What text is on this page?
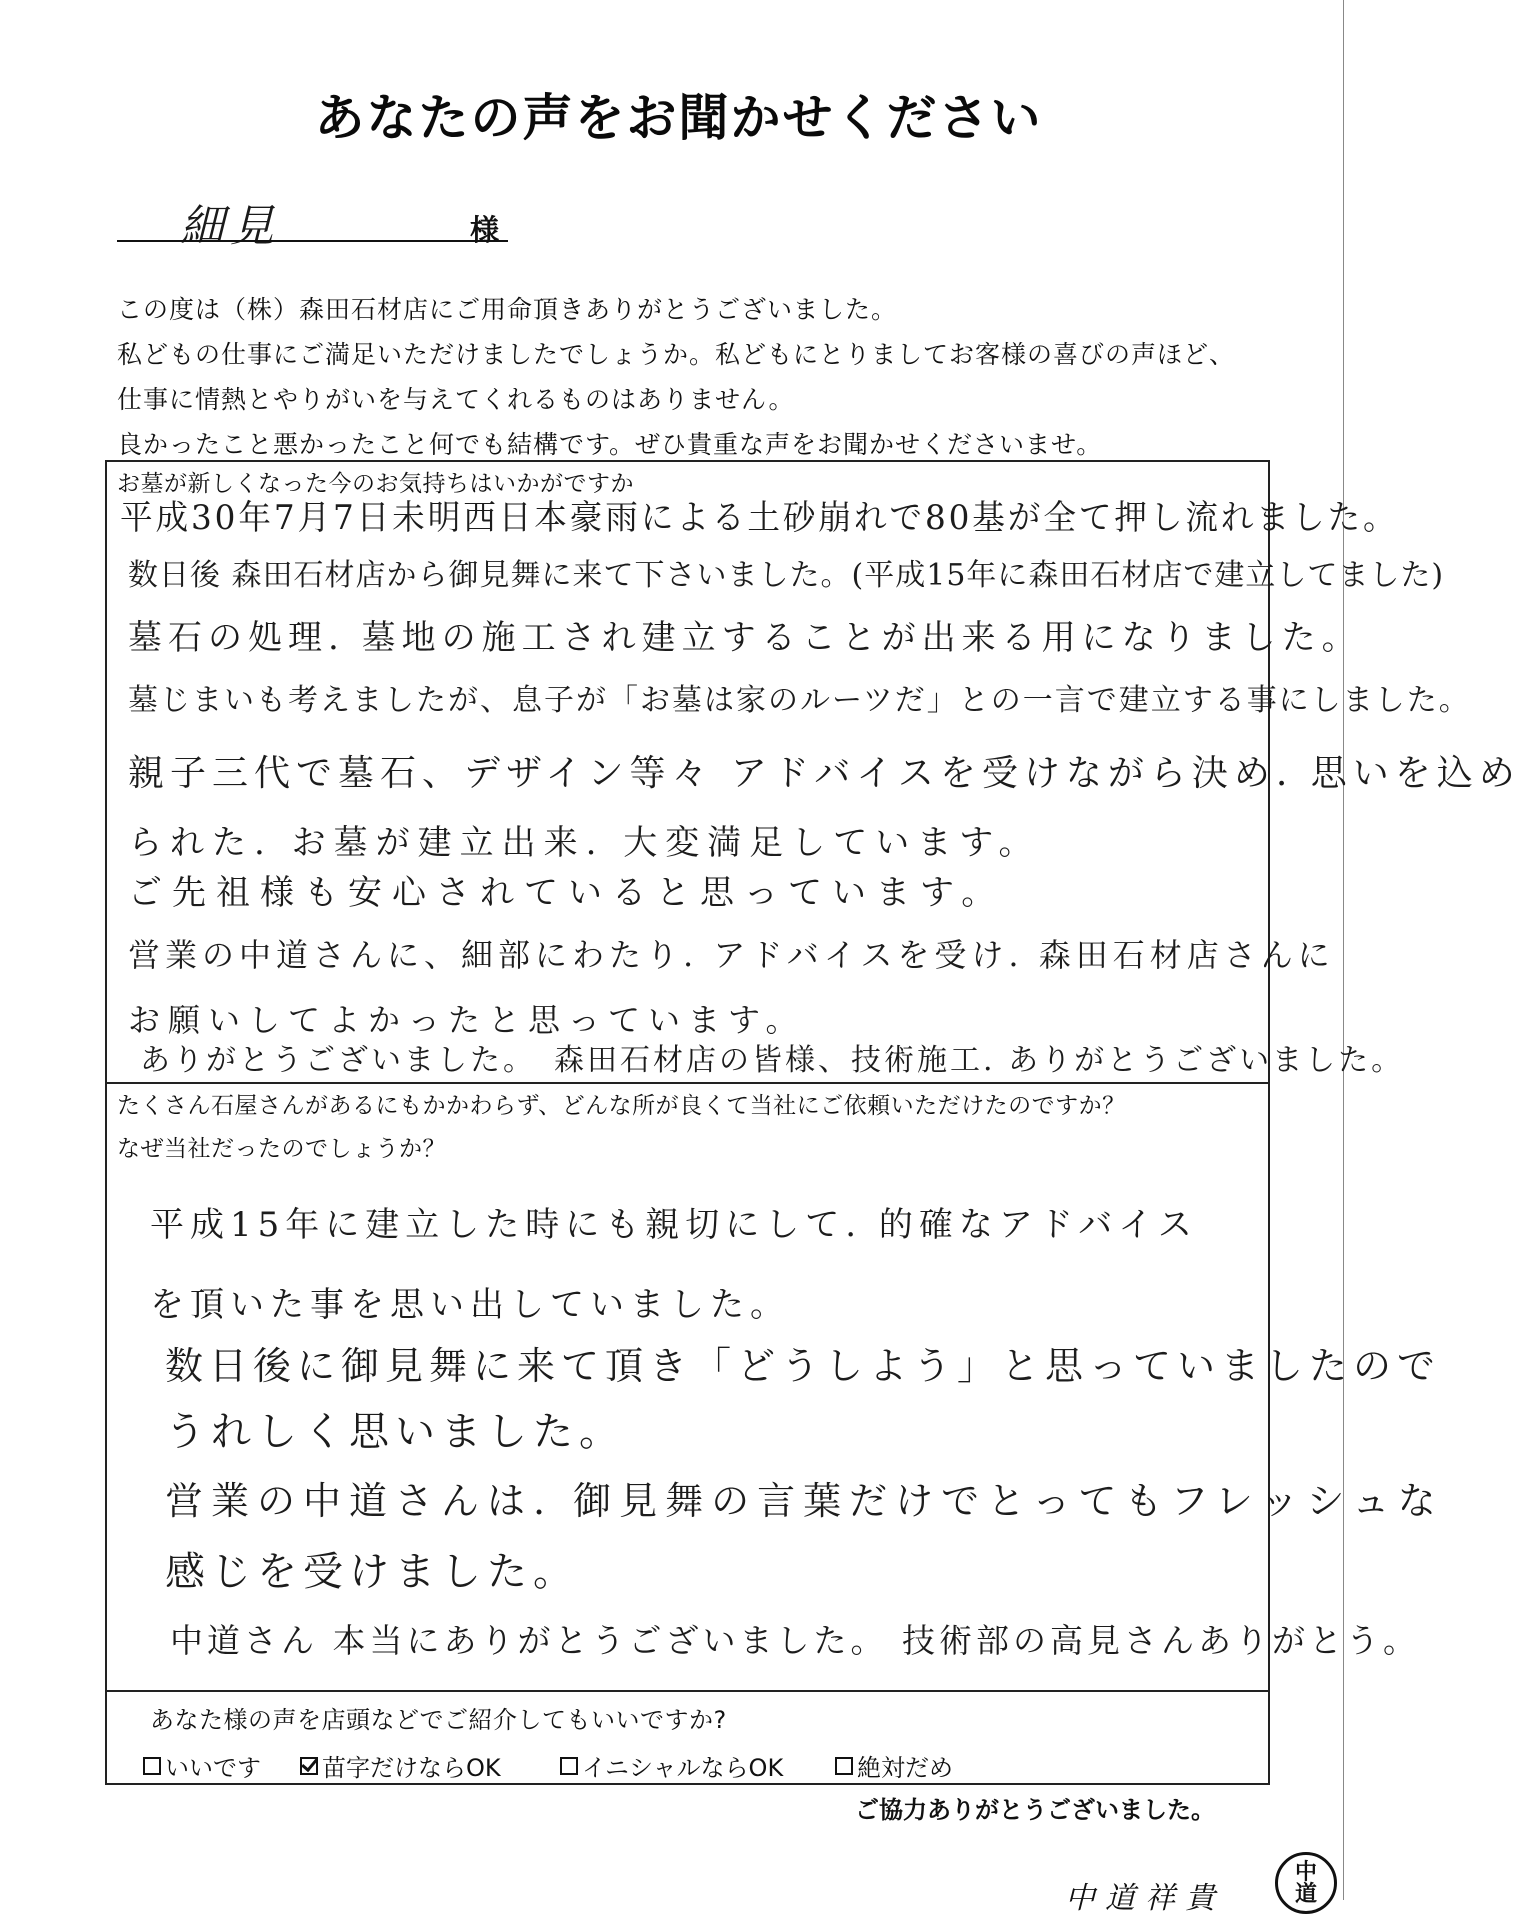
あなたの声をお聞かせください
細見	様
この度は（株）森田石材店にご用命頂きありがとうございました。
私どもの仕事にご満足いただけましたでしょうか。私どもにとりましてお客様の喜びの声ほど、
仕事に情熱とやりがいを与えてくれるものはありません。
良かったこと悪かったこと何でも結構です。ぜひ貴重な声をお聞かせくださいませ。
お墓が新しくなった今のお気持ちはいかがですか
平成30年7月7日未明西日本豪雨による土砂崩れで80基が全て押し流れました。
数日後 森田石材店から御見舞に来て下さいました。(平成15年に森田石材店で建立してました)
墓石の処理. 墓地の施工され建立することが出来る用になりました。
墓じまいも考えましたが、息子が「お墓は家のルーツだ」との一言で建立する事にしました。
親子三代で墓石、デザイン等々 アドバイスを受けながら決め. 思いを込め
られた. お墓が建立出来. 大変満足しています。
ご先祖様も安心されていると思っています。
営業の中道さんに、細部にわたり. アドバイスを受け. 森田石材店さんに
お願いしてよかったと思っています。
ありがとうございました。　森田石材店の皆様、技術施工. ありがとうございました。
たくさん石屋さんがあるにもかかわらず、どんな所が良くて当社にご依頼いただけたのですか？
なぜ当社だったのでしょうか？
平成15年に建立した時にも親切にして. 的確なアドバイスを頂いた事を思い出していました。
数日後に御見舞に来て頂き「どうしよう」と思っていましたので
うれしく思いました。
営業の中道さんは. 御見舞の言葉だけでとってもフレッシュな
感じを受けました。
中道さん 本当にありがとうございました。 技術部の高見さんありがとう。
あなた様の声を店頭などでご紹介してもいいですか?
いいです	苗字だけならOK	イニシャルならOK	絶対だめ
ご協力ありがとうございました。
中道祥貴
中
道
